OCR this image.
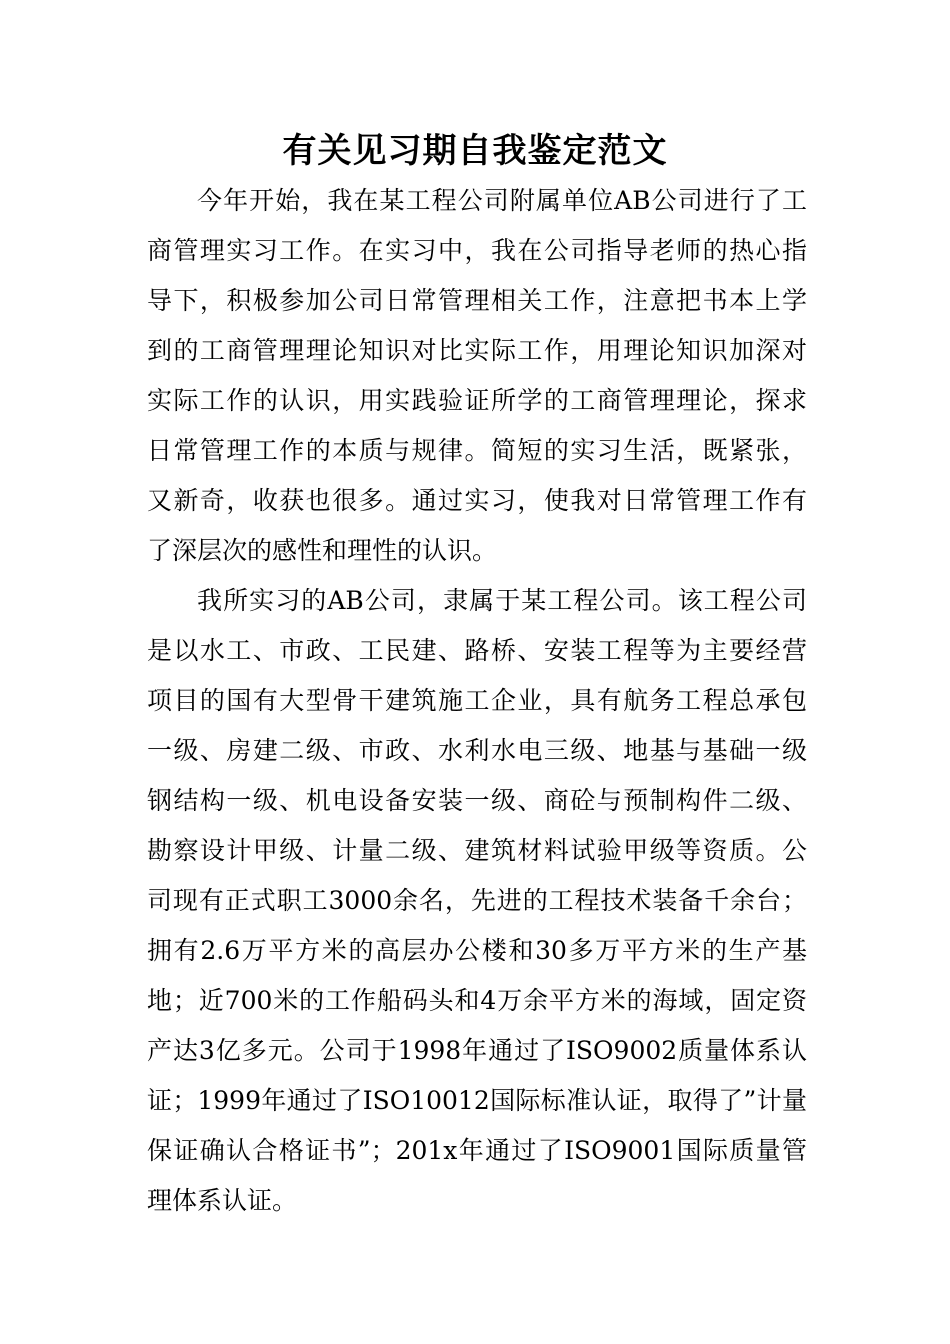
有关见习期自我鉴定范文
今年开始，我在某工程公司附属单位AB公司进行了工
商管理实习工作。在实习中，我在公司指导老师的热心指
导下，积极参加公司日常管理相关工作，注意把书本上学
到的工商管理理论知识对比实际工作，用理论知识加深对
实际工作的认识，用实践验证所学的工商管理理论，探求
日常管理工作的本质与规律。简短的实习生活，既紧张，
又新奇，收获也很多。通过实习，使我对日常管理工作有
了深层次的感性和理性的认识。
我所实习的AB公司，隶属于某工程公司。该工程公司
是以水工、市政、工民建、路桥、安装工程等为主要经营
项目的国有大型骨干建筑施工企业，具有航务工程总承包
一级、房建二级、市政、水利水电三级、地基与基础一级
钢结构一级、机电设备安装一级、商砼与预制构件二级、
勘察设计甲级、计量二级、建筑材料试验甲级等资质。公
司现有正式职工3000余名，先进的工程技术装备千余台；
拥有2.6万平方米的高层办公楼和30多万平方米的生产基
地；近700米的工作船码头和4万余平方米的海域，固定资
产达3亿多元。公司于1998年通过了ISO9002质量体系认
证；1999年通过了ISO10012国际标准认证，取得了”计量
保证确认合格证书”；201x年通过了ISO9001国际质量管
理体系认证。
